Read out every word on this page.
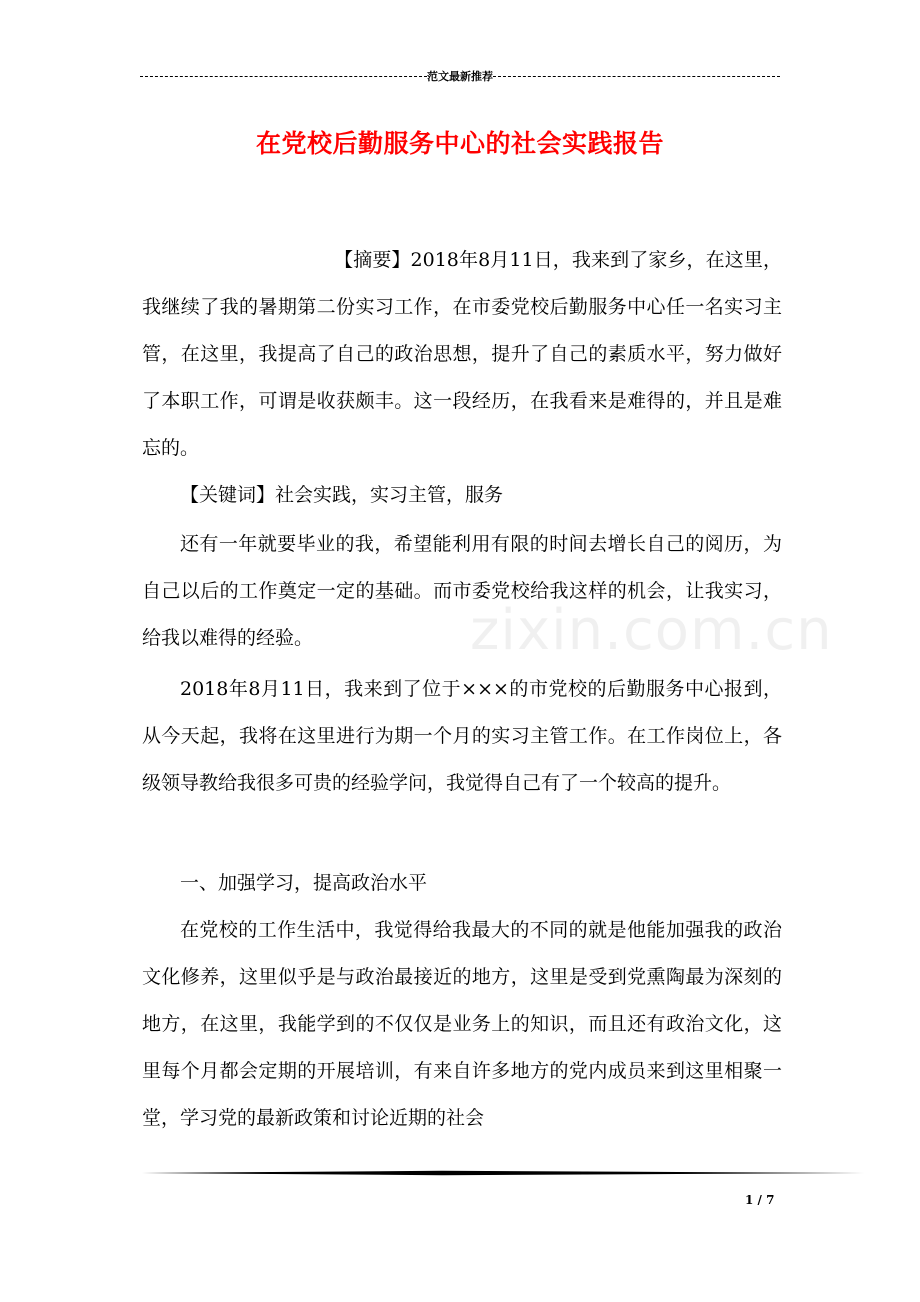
范文最新推荐
在党校后勤服务中心的社会实践报告
【摘要】2018年8月11日，我来到了家乡，在这里，我继续了我的暑期第二份实习工作，在市委党校后勤服务中心任一名实习主管，在这里，我提高了自己的政治思想，提升了自己的素质水平，努力做好了本职工作，可谓是收获颇丰。这一段经历，在我看来是难得的，并且是难忘的。
【关键词】社会实践，实习主管，服务
还有一年就要毕业的我，希望能利用有限的时间去增长自己的阅历，为自己以后的工作奠定一定的基础。而市委党校给我这样的机会，让我实习，给我以难得的经验。
2018年8月11日，我来到了位于×××的市党校的后勤服务中心报到，从今天起，我将在这里进行为期一个月的实习主管工作。在工作岗位上，各级领导教给我很多可贵的经验学问，我觉得自己有了一个较高的提升。
一、加强学习，提高政治水平
在党校的工作生活中，我觉得给我最大的不同的就是他能加强我的政治文化修养，这里似乎是与政治最接近的地方，这里是受到党熏陶最为深刻的地方，在这里，我能学到的不仅仅是业务上的知识，而且还有政治文化，这里每个月都会定期的开展培训，有来自许多地方的党内成员来到这里相聚一堂，学习党的最新政策和讨论近期的社会
zixin.com.cn
1 / 7
